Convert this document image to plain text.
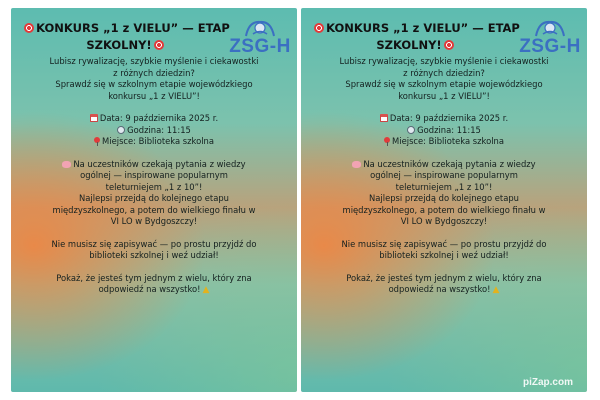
KONKURS „1 z VIELU” — ETAP
SZKOLNY!	ZSG-H
Lubisz rywalizację, szybkie myślenie i ciekawostki
z różnych dziedzin?
Sprawdź się w szkolnym etapie wojewódzkiego
konkursu „1 z VIELU”!
Data: 9 października 2025 r.
Godzina: 11:15
Miejsce: Biblioteka szkolna
Na uczestników czekają pytania z wiedzy
ogólnej — inspirowane popularnym
teleturniejem „1 z 10”!
Najlepsi przejdą do kolejnego etapu
międzyszkolnego, a potem do wielkiego finału w
VI LO w Bydgoszczy!
Nie musisz się zapisywać — po prostu przyjdź do
biblioteki szkolnej i weź udział!
Pokaż, że jesteś tym jednym z wielu, który zna
odpowiedź na wszystko! ▲
KONKURS „1 z VIELU” — ETAP
SZKOLNY!	ZSG-H
Lubisz rywalizację, szybkie myślenie i ciekawostki
z różnych dziedzin?
Sprawdź się w szkolnym etapie wojewódzkiego
konkursu „1 z VIELU”!
Data: 9 października 2025 r.
Godzina: 11:15
Miejsce: Biblioteka szkolna
Na uczestników czekają pytania z wiedzy
ogólnej — inspirowane popularnym
teleturniejem „1 z 10”!
Najlepsi przejdą do kolejnego etapu
międzyszkolnego, a potem do wielkiego finału w
VI LO w Bydgoszczy!
Nie musisz się zapisywać — po prostu przyjdź do
biblioteki szkolnej i weź udział!
Pokaż, że jesteś tym jednym z wielu, który zna
odpowiedź na wszystko! ▲
piZap.com
